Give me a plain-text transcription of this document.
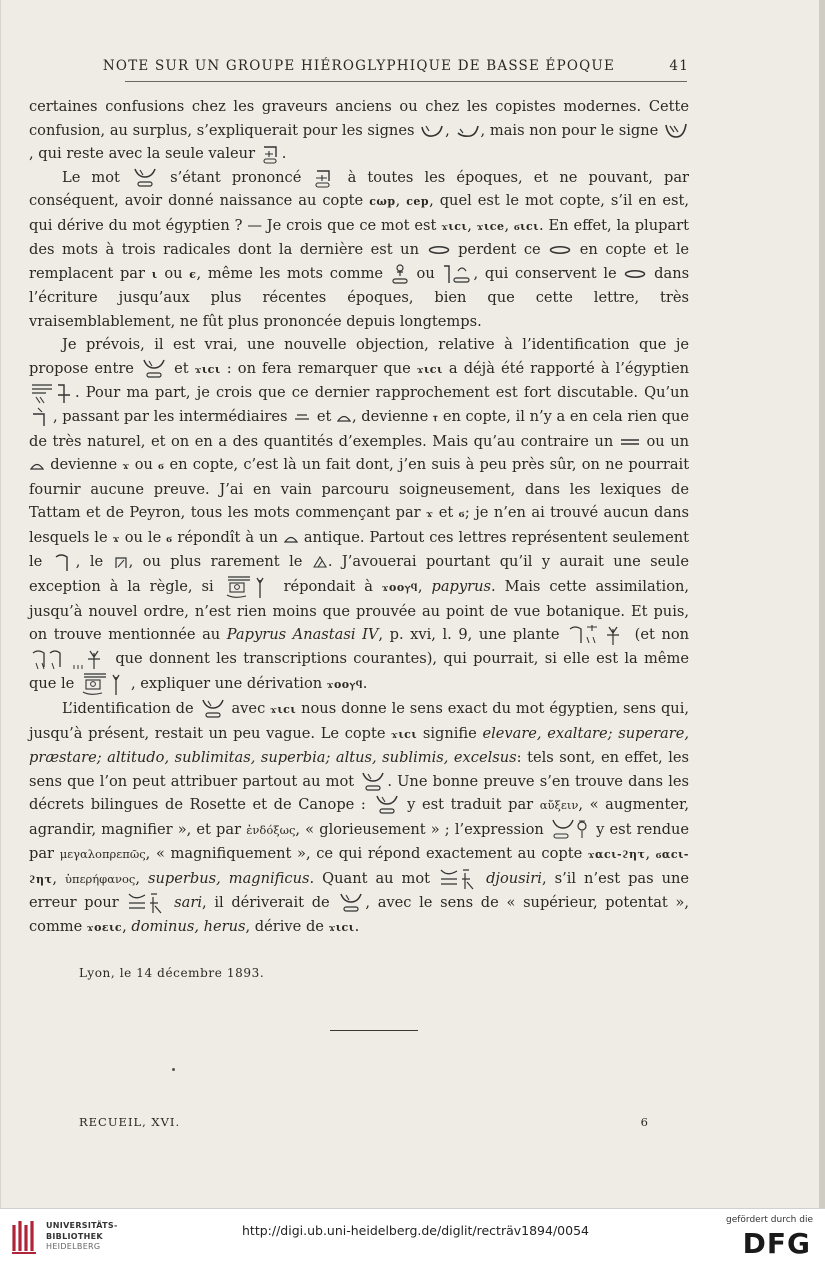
NOTE SUR UN GROUPE HIÉROGLYPHIQUE DE BASSE ÉPOQUE	41

certaines confusions chez les graveurs anciens ou chez les copistes modernes. Cette confusion, au surplus, s’expliquerait pour les signes , , mais non pour le signe
, qui reste avec la seule valeur .

Le mot	s’étant prononcé	à toutes les époques, et ne pouvant, par conséquent, avoir donné naissance au copte cωp, cep, quel est le mot copte, s’il en est, qui dérive du mot égyptien ? — Je crois que ce mot est ϫιcι, ϫιce, ϭιcι. En effet, la plupart des mots à trois radicales dont la dernière est un	perdent ce	en copte et le remplacent par ι ou ϵ, même les mots comme ou	, qui conservent le	dans l’écriture jusqu’aux plus récentes époques, bien que cette lettre, très vraisemblablement, ne fût plus prononcée depuis longtemps.

Je prévois, il est vrai, une nouvelle objection, relative à l’identification que je propose entre	et ϫιcι : on fera remarquer que ϫιcι a déjà été rapporté à l’égyptien
. Pour ma part, je crois que ce dernier rapprochement est fort discutable. Qu’un
, passant par les intermédiaires et , devienne ⲧ en copte, il n’y a en cela rien que de très naturel, et on en a des quantités d’exemples. Mais qu’au contraire un ou un
devienne ϫ ou ϭ en copte, c’est là un fait dont, j’en suis à peu près sûr, on ne pourrait fournir aucune preuve. J’ai en vain parcouru soigneusement, dans les lexiques de Tattam et de Peyron, tous les mots commençant par ϫ et ϭ; je n’en ai trouvé aucun dans lesquels le ϫ ou le ϭ répondît à un antique. Partout ces lettres représentent seulement le , le , ou plus rarement le . J’avouerai pourtant qu’il y aurait une seule exception à la règle, si	répondait à ϫοοⲩϥ, papyrus. Mais cette assimilation, jusqu’à nouvel ordre, n’est rien moins que prouvée au point de vue botanique. Et puis, on trouve mentionnée au Papyrus Anastasi IV, p. xvi, l. 9, une plante	(et non
que donnent les transcriptions courantes), qui pourrait, si elle est la même que le	, expliquer une dérivation ϫοοⲩϥ.

L’identification de	avec ϫιcι nous donne le sens exact du mot égyptien, sens qui, jusqu’à présent, restait un peu vague. Le copte ϫιcι signifie elevare, exaltare; superare, præstare; altitudo, sublimitas, superbia; altus, sublimis, excelsus: tels sont, en effet, les sens que l’on peut attribuer partout au mot . Une bonne preuve s’en trouve dans les décrets bilingues de Rosette et de Canope :	y est traduit par αὔξειν, « augmenter, agrandir, magnifier », et par ἐνδόξως, « glorieusement » ; l’expression	y est rendue par μεγαλοπρεπῶς, « magnifiquement », ce qui répond exactement au copte ϫαcι-ϩητ, ϭαcι-ϩητ, ὑπερήφανος, superbus, magnificus. Quant au mot	djousiri, s’il n’est pas une erreur pour	sari, il dériverait de , avec le sens de « supérieur, potentat », comme ϫοειc, dominus, herus, dérive de ϫιcι.

Lyon, le 14 décembre 1893.
RECUEIL, XVI.	6
UNIVERSITÄTS-
BIBLIOTHEK
HEIDELBERG
http://digi.ub.uni-heidelberg.de/diglit/recträv1894/0054
gefördert durch die
DFG
